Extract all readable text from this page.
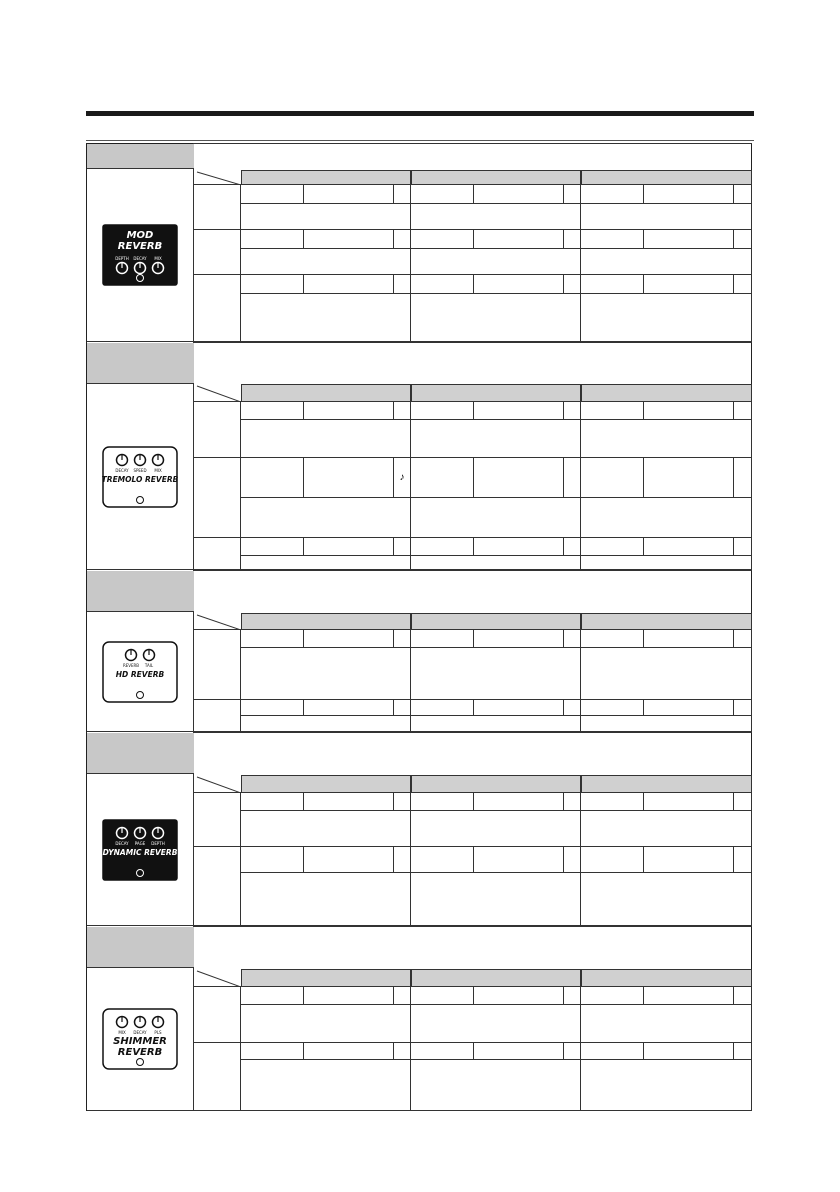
MOD
REVERB
DEPTH DECAY MIX
TREMOLO REVERB
DECAY SPEED MIX
♪
HD REVERB
REVERB TAIL
DYNAMIC REVERB
DECAY PAGE DEPTH
SHIMMER
REVERB
MIX DECAY PLS
